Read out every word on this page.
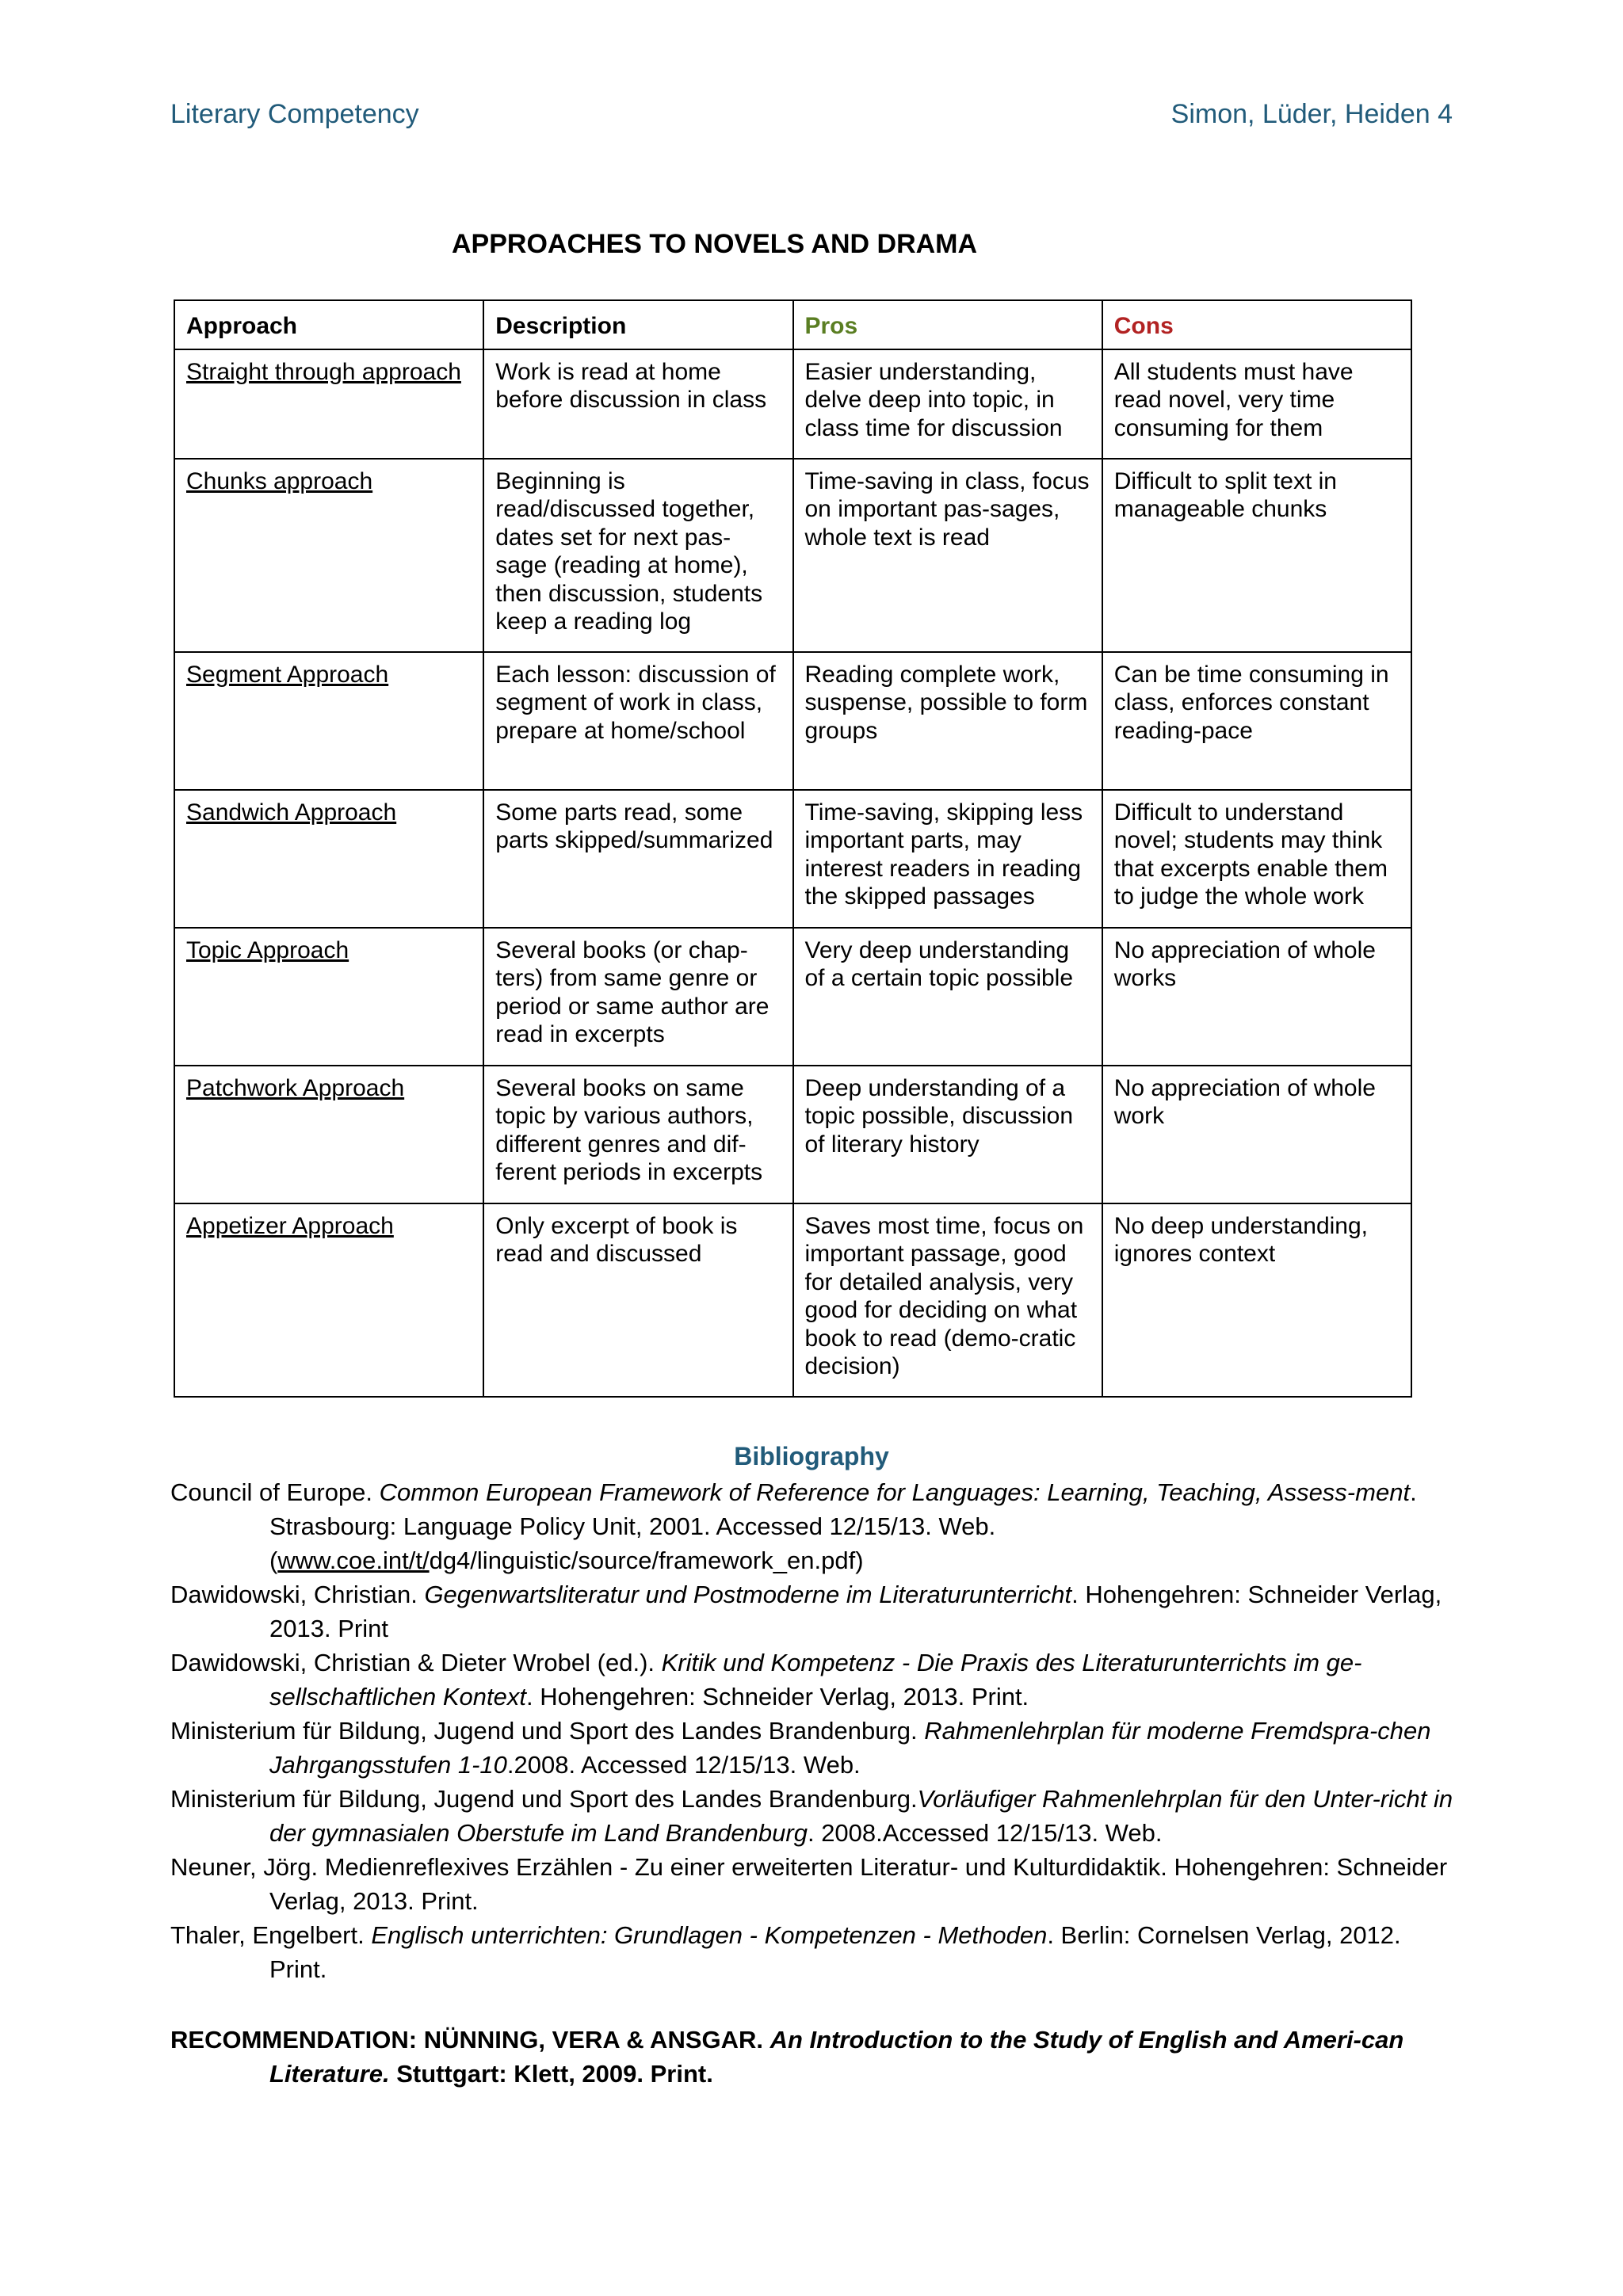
Literary Competency	Simon, Lüder, Heiden 4
APPROACHES TO NOVELS AND DRAMA
Approach	Description	Pros	Cons
Straight through approach	Work is read at home before discussion in class	Easier understanding, delve deep into topic, in class time for discussion	All students must have read novel, very time consuming for them
Chunks approach	Beginning is read/discussed together, dates set for next pas-sage (reading at home), then discussion, students keep a reading log	Time-saving in class, focus on important pas-sages, whole text is read	Difficult to split text in manageable chunks
Segment Approach	Each lesson: discussion of segment of work in class, prepare at home/school	Reading complete work, suspense, possible to form groups	Can be time consuming in class, enforces constant reading-pace
Sandwich Approach	Some parts read, some parts skipped/summarized	Time-saving, skipping less important parts, may interest readers in reading the skipped passages	Difficult to understand novel; students may think that excerpts enable them to judge the whole work
Topic Approach	Several books (or chap-ters) from same genre or period or same author are read in excerpts	Very deep understanding of a certain topic possible	No appreciation of whole works
Patchwork Approach	Several books on same topic by various authors, different genres and dif-ferent periods in excerpts	Deep understanding of a topic possible, discussion of literary history	No appreciation of whole work
Appetizer Approach	Only excerpt of book is read and discussed	Saves most time, focus on important passage, good for detailed analysis, very good for deciding on what book to read (demo-cratic decision)	No deep understanding, ignores context
Bibliography

Council of Europe. Common European Framework of Reference for Languages: Learning, Teaching, Assess-ment. Strasbourg: Language Policy Unit, 2001. Accessed 12/15/13. Web. (www.coe.int/t/dg4/linguistic/source/framework_en.pdf)

Dawidowski, Christian. Gegenwartsliteratur und Postmoderne im Literaturunterricht. Hohengehren: Schneider Verlag, 2013. Print

Dawidowski, Christian & Dieter Wrobel (ed.). Kritik und Kompetenz - Die Praxis des Literaturunterrichts im ge-sellschaftlichen Kontext. Hohengehren: Schneider Verlag, 2013. Print.

Ministerium für Bildung, Jugend und Sport des Landes Brandenburg. Rahmenlehrplan für moderne Fremdspra-chen Jahrgangsstufen 1-10.2008. Accessed 12/15/13. Web.

Ministerium für Bildung, Jugend und Sport des Landes Brandenburg.Vorläufiger Rahmenlehrplan für den Unter-richt in der gymnasialen Oberstufe im Land Brandenburg. 2008.Accessed 12/15/13. Web.

Neuner, Jörg. Medienreflexives Erzählen - Zu einer erweiterten Literatur- und Kulturdidaktik. Hohengehren: Schneider Verlag, 2013. Print.

Thaler, Engelbert. Englisch unterrichten: Grundlagen - Kompetenzen - Methoden. Berlin: Cornelsen Verlag, 2012. Print.

RECOMMENDATION: NÜNNING, VERA & ANSGAR. An Introduction to the Study of English and Ameri-can Literature. Stuttgart: Klett, 2009. Print.
